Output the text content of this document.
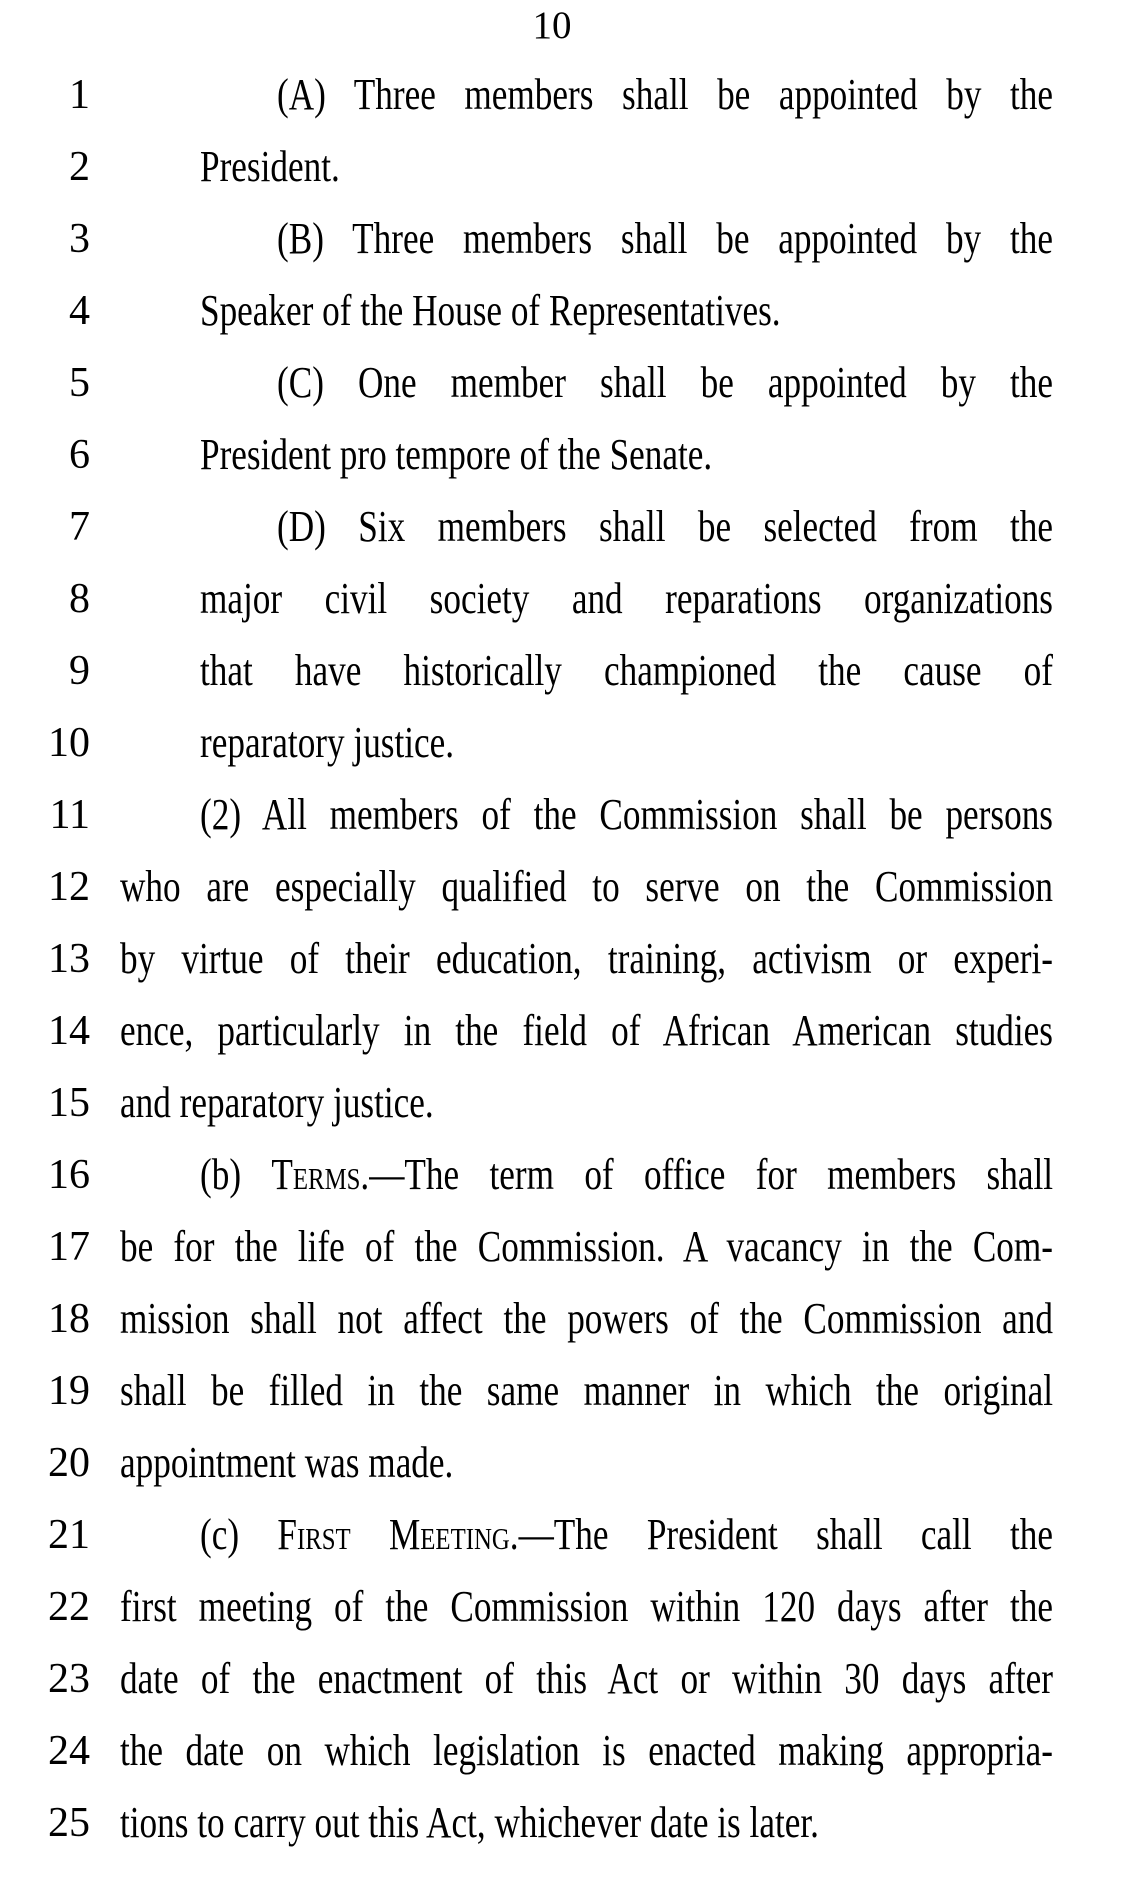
10
1	(A) Three members shall be appointed by the
2	President.
3	(B) Three members shall be appointed by the
4	Speaker of the House of Representatives.
5	(C) One member shall be appointed by the
6	President pro tempore of the Senate.
7	(D) Six members shall be selected from the
8	major civil society and reparations organizations
9	that have historically championed the cause of
10	reparatory justice.
11	(2) All members of the Commission shall be persons
12 who are especially qualified to serve on the Commission
13 by virtue of their education, training, activism or experi-
14 ence, particularly in the field of African American studies
15 and reparatory justice.
16	(b) Terms.—The term of office for members shall
17 be for the life of the Commission. A vacancy in the Com-
18 mission shall not affect the powers of the Commission and
19 shall be filled in the same manner in which the original
20 appointment was made.
21	(c) First Meeting.—The President shall call the
22 first meeting of the Commission within 120 days after the
23 date of the enactment of this Act or within 30 days after
24 the date on which legislation is enacted making appropria-
25 tions to carry out this Act, whichever date is later.
